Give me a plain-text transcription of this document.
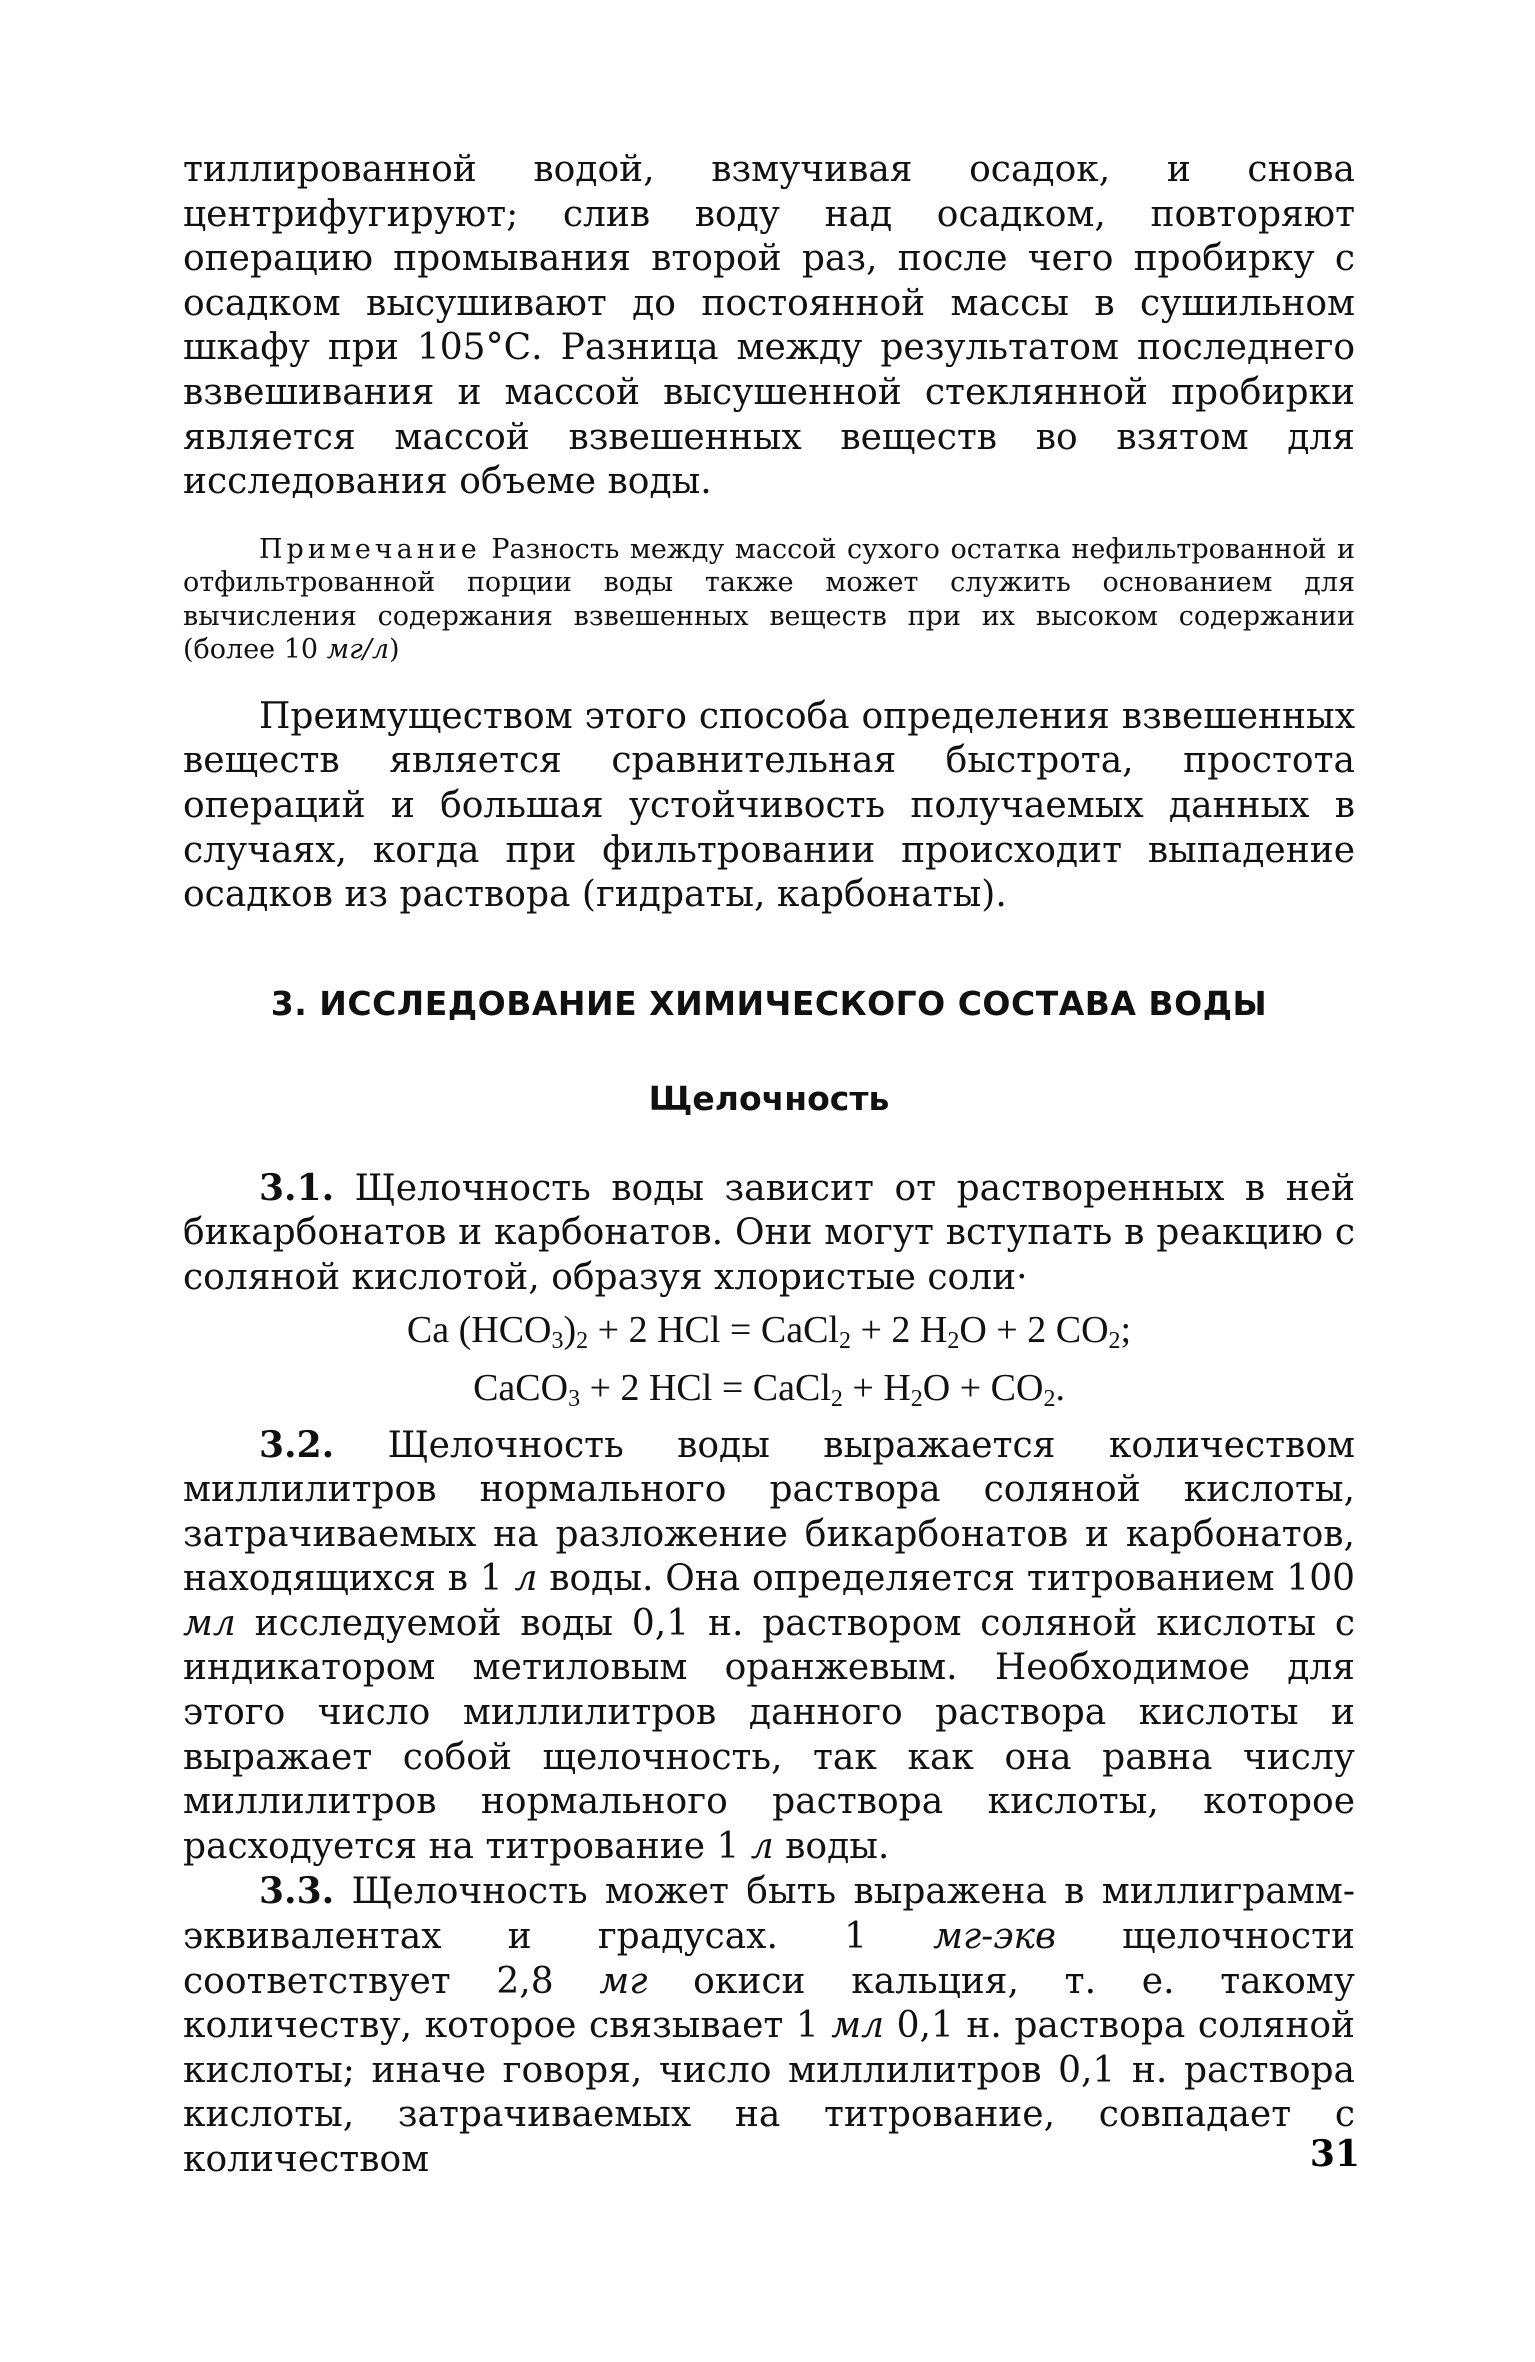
тиллированной водой, взмучивая осадок, и снова центрифугируют; слив воду над осадком, повторяют операцию промывания второй раз, после чего пробирку с осадком высушивают до постоянной массы в сушильном шкафу при 105°С. Разница между результатом последнего взвешивания и массой высушенной стеклянной пробирки является массой взвешенных веществ во взятом для исследования объеме воды.

Примечание Разность между массой сухого остатка нефильтрованной и отфильтрованной порции воды также может служить основанием для вычисления содержания взвешенных веществ при их высоком содержании (более 10 мг/л)

Преимуществом этого способа определения взвешенных веществ является сравнительная быстрота, простота операций и большая устойчивость получаемых данных в случаях, когда при фильтровании происходит выпадение осадков из раствора (гидраты, карбонаты).

3. ИССЛЕДОВАНИЕ ХИМИЧЕСКОГО СОСТАВА ВОДЫ
Щелочность

3.1. Щелочность воды зависит от растворенных в ней бикарбонатов и карбонатов. Они могут вступать в реакцию с соляной кислотой, образуя хлористые соли·

Ca $(HCO_3)_2 + 2$ HCl = CaCl$_2$ + 2 $H_2O + 2$ $CO_2$;

CaCO$_3$ + 2 HCl = CaCl$_2$ + $H_2O + CO_2$.

3.2. Щелочность воды выражается количеством миллилитров нормального раствора соляной кислоты, затрачиваемых на разложение бикарбонатов и карбонатов, находящихся в 1 л воды. Она определяется титрованием 100 мл исследуемой воды 0,1 н. раствором соляной кислоты с индикатором метиловым оранжевым. Необходимое для этого число миллилитров данного раствора кислоты и выражает собой щелочность, так как она равна числу миллилитров нормального раствора кислоты, которое расходуется на титрование 1 л воды.

3.3. Щелочность может быть выражена в миллиграмм-эквивалентах и градусах. 1 мг-экв щелочности соответствует 2,8 мг окиси кальция, т. е. такому количеству, которое связывает 1 мл 0,1 н. раствора соляной кислоты; иначе говоря, число миллилитров 0,1 н. раствора кислоты, затрачиваемых на титрование, совпадает с количеством	31
